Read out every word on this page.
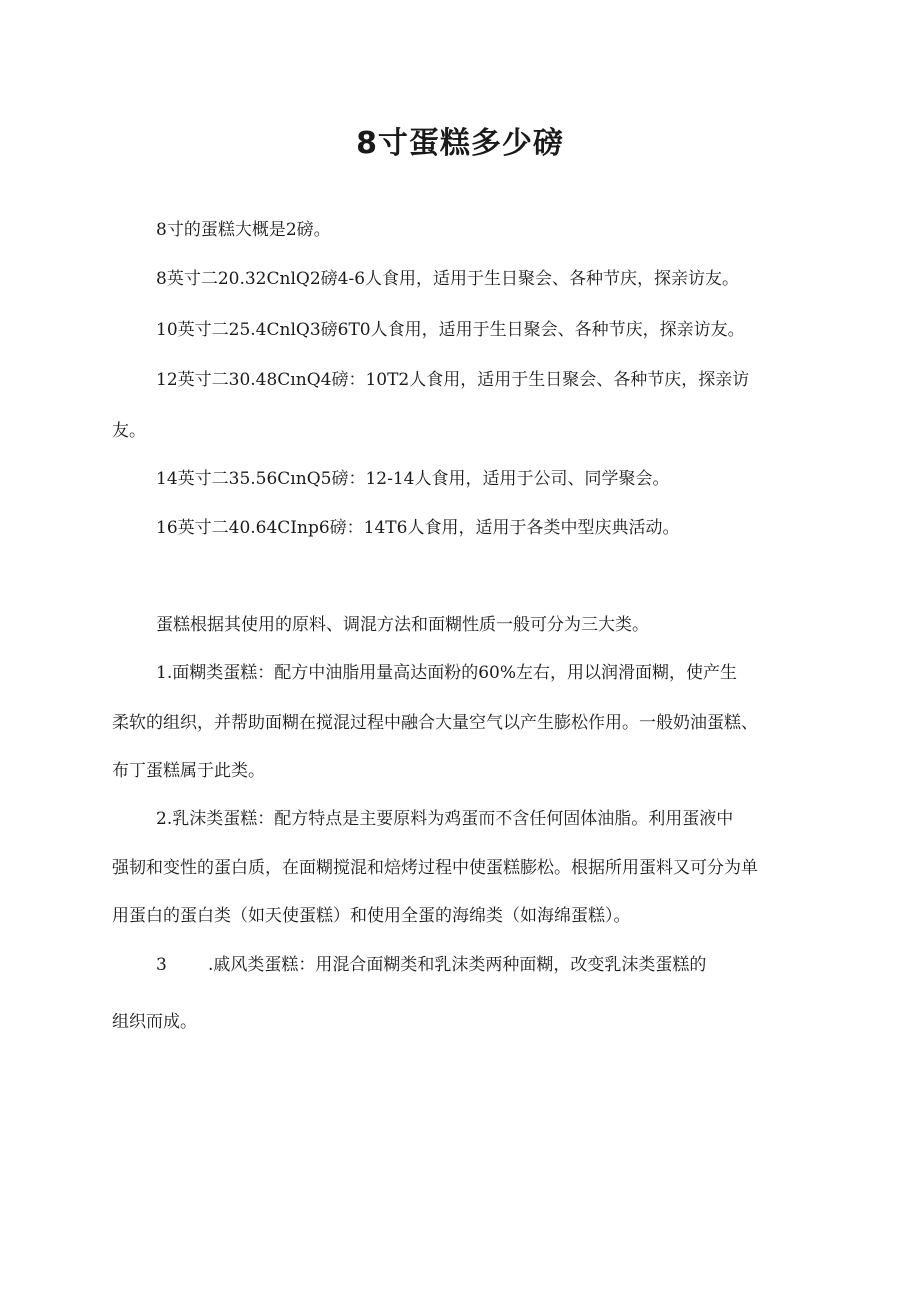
8寸蛋糕多少磅

8寸的蛋糕大概是2磅。

8英寸二20.32CnlQ2磅4-6人食用，适用于生日聚会、各种节庆，探亲访友。

10英寸二25.4CnlQ3磅6T0人食用，适用于生日聚会、各种节庆，探亲访友。

12英寸二30.48CınQ4磅：10T2人食用，适用于生日聚会、各种节庆，探亲访

友。

14英寸二35.56CınQ5磅：12-14人食用，适用于公司、同学聚会。

16英寸二40.64CInp6磅：14T6人食用，适用于各类中型庆典活动。

蛋糕根据其使用的原料、调混方法和面糊性质一般可分为三大类。

1.面糊类蛋糕：配方中油脂用量高达面粉的60%左右，用以润滑面糊，使产生

柔软的组织，并帮助面糊在搅混过程中融合大量空气以产生膨松作用。一般奶油蛋糕、

布丁蛋糕属于此类。

2.乳沫类蛋糕：配方特点是主要原料为鸡蛋而不含任何固体油脂。利用蛋液中

强韧和变性的蛋白质，在面糊搅混和焙烤过程中使蛋糕膨松。根据所用蛋料又可分为单

用蛋白的蛋白类（如天使蛋糕）和使用全蛋的海绵类（如海绵蛋糕）。

3 .戚风类蛋糕：用混合面糊类和乳沫类两种面糊，改变乳沫类蛋糕的

组织而成。
